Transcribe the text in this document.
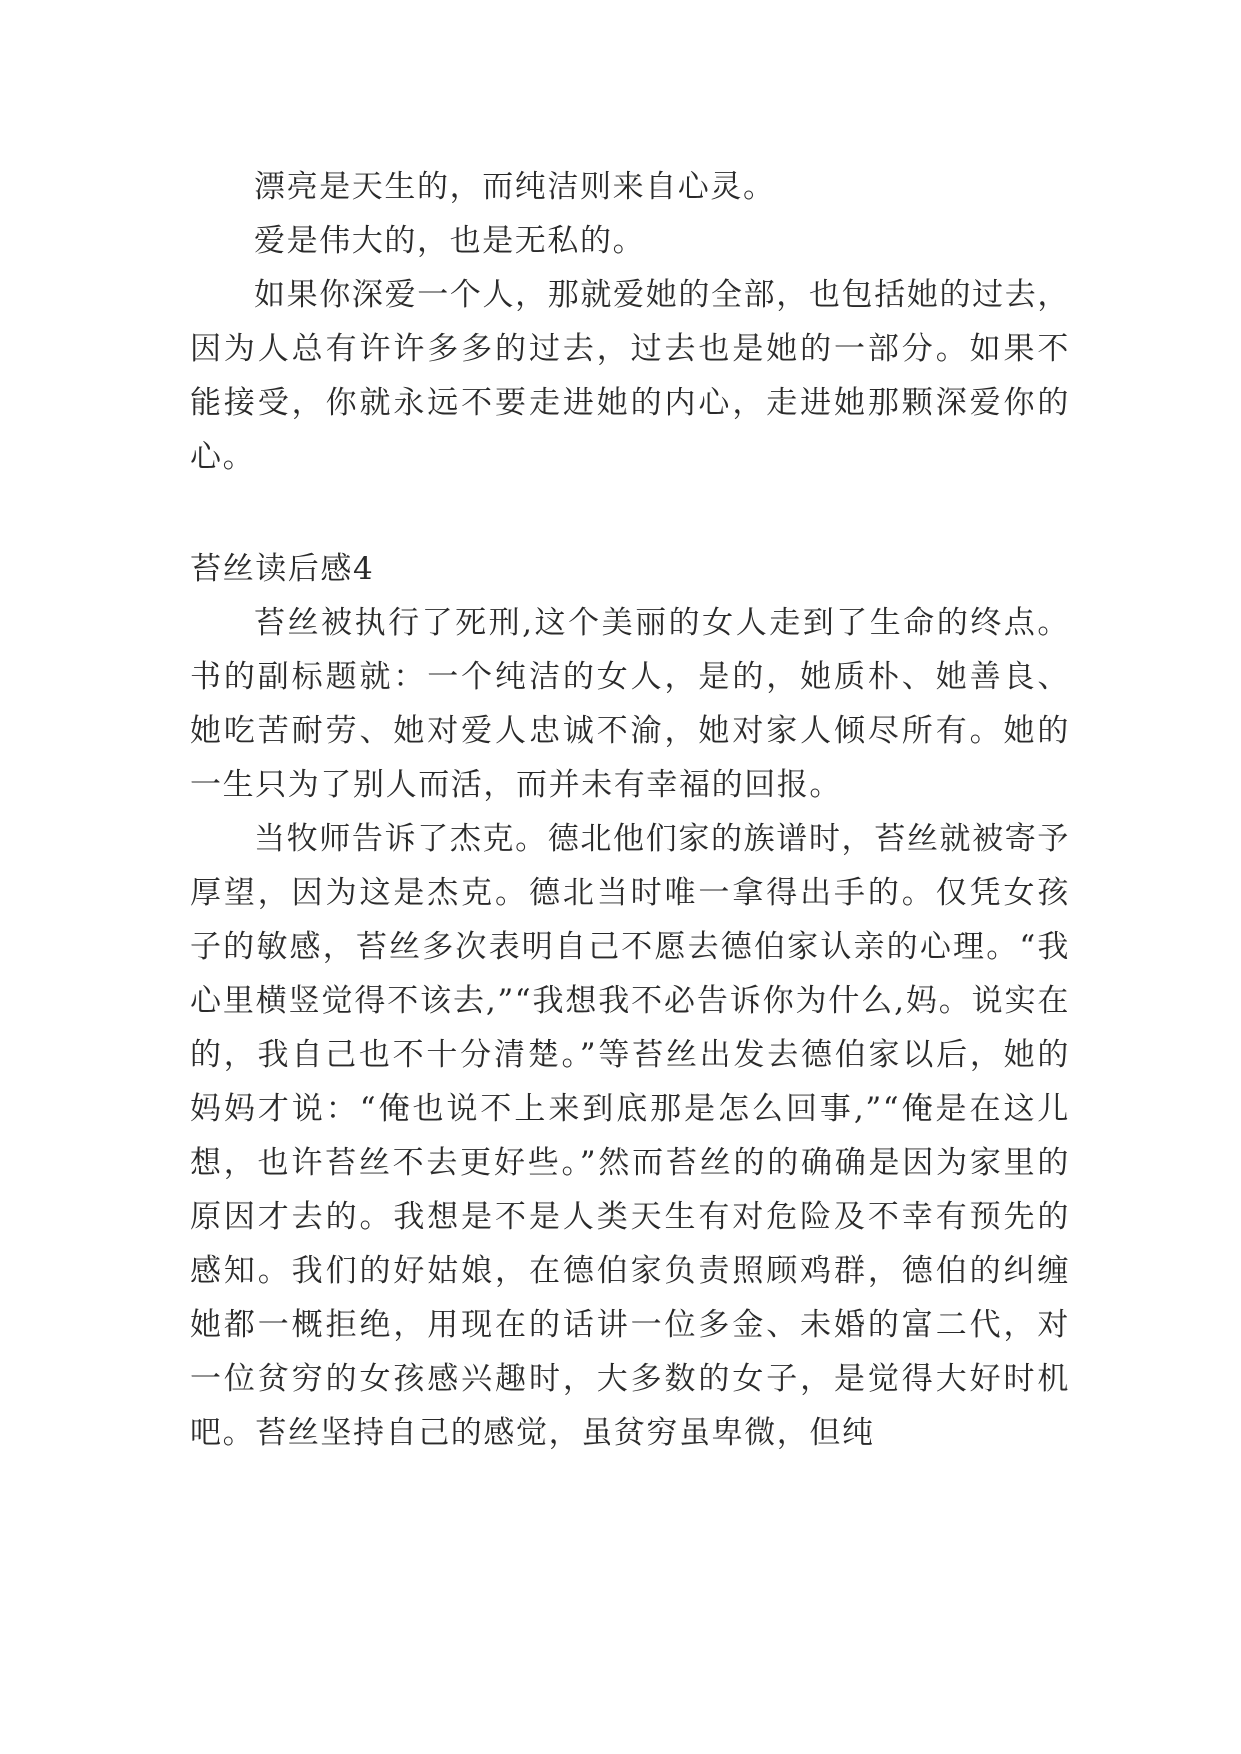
漂亮是天生的，而纯洁则来自心灵。

爱是伟大的，也是无私的。

如果你深爱一个人，那就爱她的全部，也包括她的过去，因为人总有许许多多的过去，过去也是她的一部分。如果不能接受，你就永远不要走进她的内心，走进她那颗深爱你的心。

苔丝读后感4

苔丝被执行了死刑,这个美丽的女人走到了生命的终点。书的副标题就：一个纯洁的女人，是的，她质朴、她善良、她吃苦耐劳、她对爱人忠诚不渝，她对家人倾尽所有。她的一生只为了别人而活，而并未有幸福的回报。

当牧师告诉了杰克。德北他们家的族谱时，苔丝就被寄予厚望，因为这是杰克。德北当时唯一拿得出手的。仅凭女孩子的敏感，苔丝多次表明自己不愿去德伯家认亲的心理。“我心里横竖觉得不该去,”“我想我不必告诉你为什么,妈。说实在的，我自己也不十分清楚。”等苔丝出发去德伯家以后，她的妈妈才说：“俺也说不上来到底那是怎么回事,”“俺是在这儿想，也许苔丝不去更好些。”然而苔丝的的确确是因为家里的原因才去的。我想是不是人类天生有对危险及不幸有预先的感知。我们的好姑娘，在德伯家负责照顾鸡群，德伯的纠缠她都一概拒绝，用现在的话讲一位多金、未婚的富二代，对一位贫穷的女孩感兴趣时，大多数的女子，是觉得大好时机吧。苔丝坚持自己的感觉，虽贫穷虽卑微，但纯
